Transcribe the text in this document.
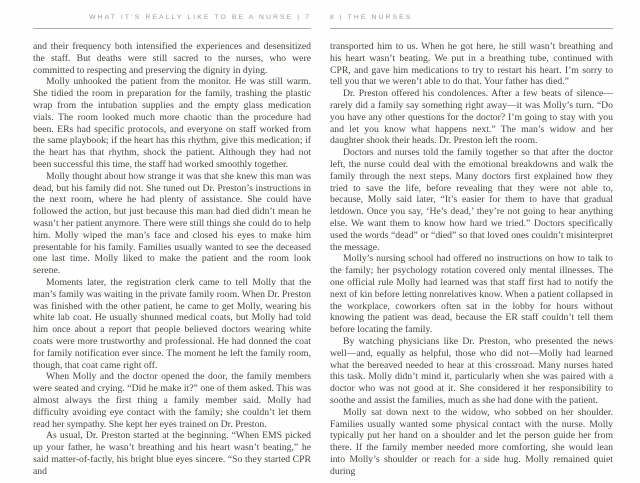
WHAT IT’S REALLY LIKE TO BE A NURSE | 7

and their frequency both intensified the experiences and desensitized the staff. But deaths were still sacred to the nurses, who were committed to respecting and preserving the dignity in dying.

Molly unhooked the patient from the monitor. He was still warm. She tidied the room in preparation for the family, trashing the plastic wrap from the intubation supplies and the empty glass medication vials. The room looked much more chaotic than the procedure had been. ERs had specific protocols, and everyone on staff worked from the same playbook; if the heart has this rhythm, give this medication; if the heart has that rhythm, shock the patient. Although they had not been successful this time, the staff had worked smoothly together.

Molly thought about how strange it was that she knew this man was dead, but his family did not. She tuned out Dr. Preston’s instructions in the next room, where he had plenty of assistance. She could have followed the action, but just because this man had died didn’t mean he wasn’t her patient anymore. There were still things she could do to help him. Molly wiped the man’s face and closed his eyes to make him presentable for his family. Families usually wanted to see the deceased one last time. Molly liked to make the patient and the room look serene.

Moments later, the registration clerk came to tell Molly that the man’s family was waiting in the private family room. When Dr. Preston was finished with the other patient, he came to get Molly, wearing his white lab coat. He usually shunned medical coats, but Molly had told him once about a report that people believed doctors wearing white coats were more trustworthy and professional. He had donned the coat for family notification ever since. The moment he left the family room, though, that coat came right off.

When Molly and the doctor opened the door, the family members were seated and crying. “Did he make it?” one of them asked. This was almost always the first thing a family member said. Molly had difficulty avoiding eye contact with the family; she couldn’t let them read her sympathy. She kept her eyes trained on Dr. Preston.

As usual, Dr. Preston started at the beginning. “When EMS picked up your father, he wasn’t breathing and his heart wasn’t beating,” he said matter-of-factly, his bright blue eyes sincere. “So they started CPR and

8 | THE NURSES

transported him to us. When he got here, he still wasn’t breathing and his heart wasn’t beating. We put in a breathing tube, continued with CPR, and gave him medications to try to restart his heart. I’m sorry to tell you that we weren’t able to do that. Your father has died.”

Dr. Preston offered his condolences. After a few beats of silence—rarely did a family say something right away—it was Molly’s turn. “Do you have any other questions for the doctor? I’m going to stay with you and let you know what happens next.” The man’s widow and her daughter shook their heads. Dr. Preston left the room.

Doctors and nurses told the family together so that after the doctor left, the nurse could deal with the emotional breakdowns and walk the family through the next steps. Many doctors first explained how they tried to save the life, before revealing that they were not able to, because, Molly said later, “It’s easier for them to have that gradual letdown. Once you say, ‘He’s dead,’ they’re not going to hear anything else. We want them to know how hard we tried.” Doctors specifically used the words “dead” or “died” so that loved ones couldn’t misinterpret the message.

Molly’s nursing school had offered no instructions on how to talk to the family; her psychology rotation covered only mental illnesses. The one official rule Molly had learned was that staff first had to notify the next of kin before letting nonrelatives know. When a patient collapsed in the workplace, coworkers often sat in the lobby for hours without knowing the patient was dead, because the ER staff couldn’t tell them before locating the family.

By watching physicians like Dr. Preston, who presented the news well—and, equally as helpful, those who did not—Molly had learned what the bereaved needed to hear at this crossroad. Many nurses hated this task. Molly didn’t mind it, particularly when she was paired with a doctor who was not good at it. She considered it her responsibility to soothe and assist the families, much as she had done with the patient.

Molly sat down next to the widow, who sobbed on her shoulder. Families usually wanted some physical contact with the nurse. Molly typically put her hand on a shoulder and let the person guide her from there. If the family member needed more comforting, she would lean into Molly’s shoulder or reach for a side hug. Molly remained quiet during
